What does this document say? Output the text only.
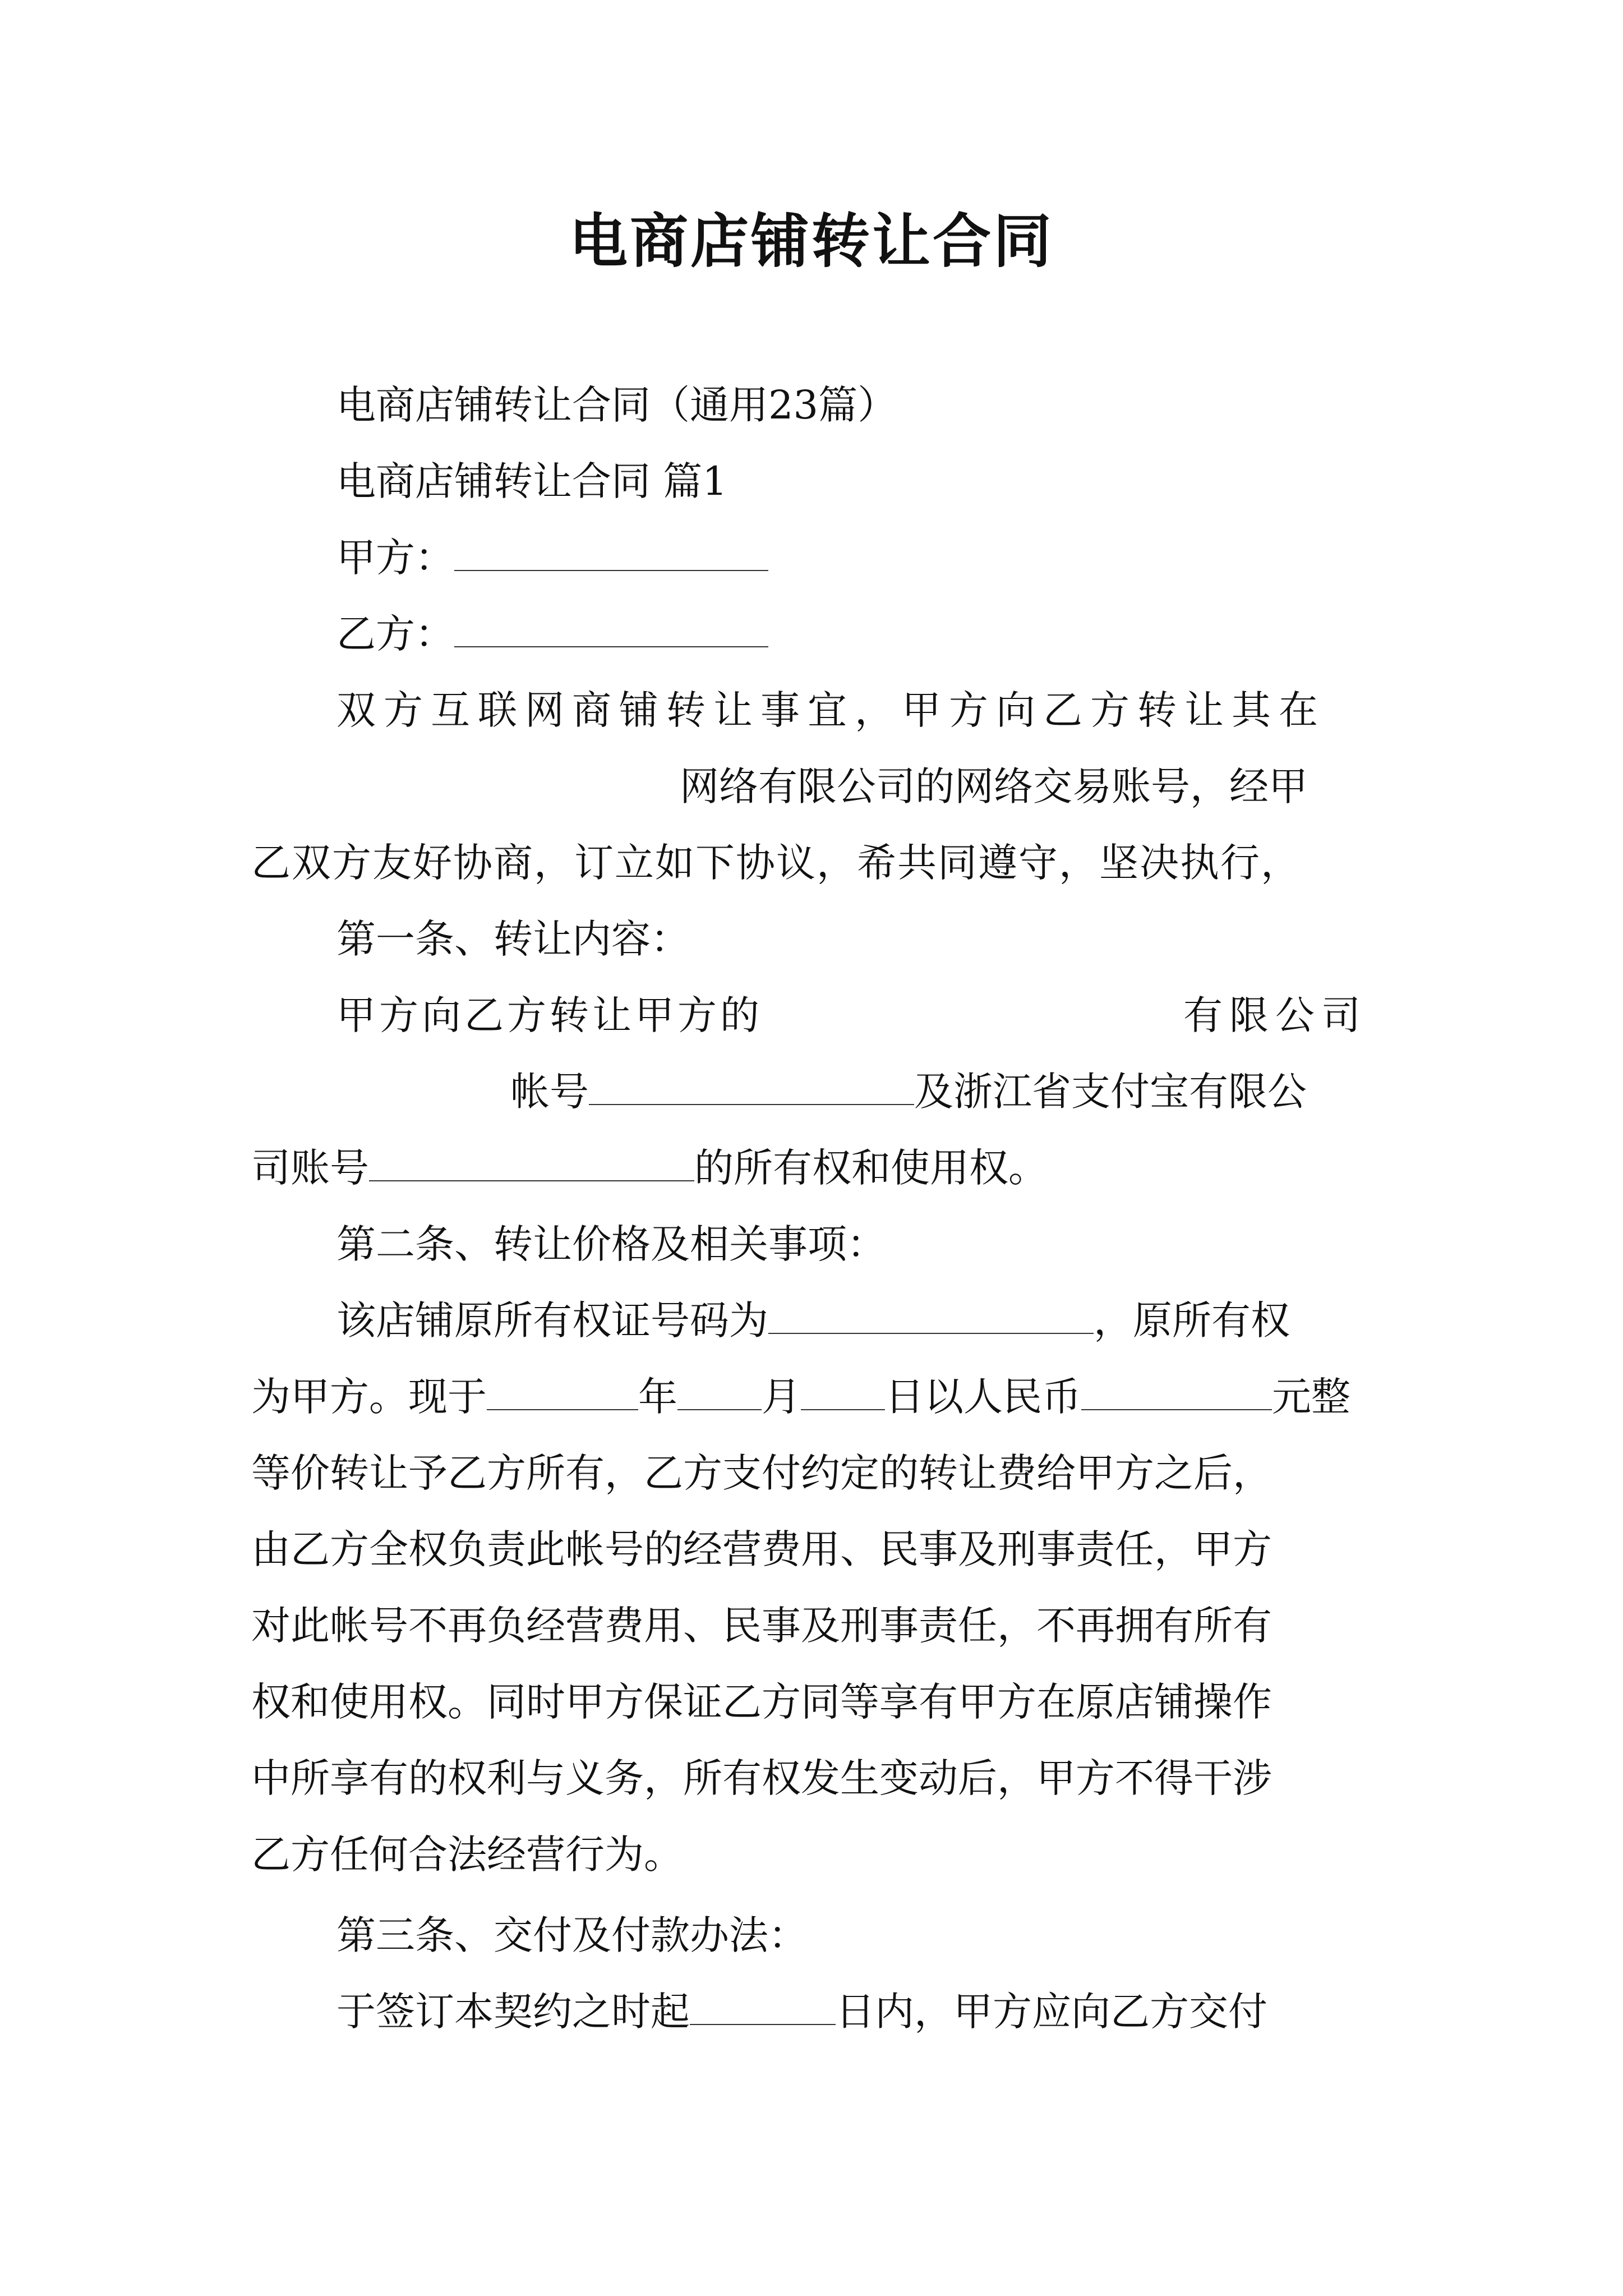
电商店铺转让合同
电商店铺转让合同（通用23篇）
电商店铺转让合同 篇1
甲方：
乙方：
双方互联网商铺转让事宜，甲方向乙方转让其在
网络有限公司的网络交易账号，经甲
乙双方友好协商，订立如下协议，希共同遵守，坚决执行，
第一条、转让内容：
甲方向乙方转让甲方的	有限公司
帐号	及浙江省支付宝有限公
司账号	的所有权和使用权。
第二条、转让价格及相关事项：
该店铺原所有权证号码为	，原所有权
为甲方。现于	年 月 日以人民币	元整
等价转让予乙方所有，乙方支付约定的转让费给甲方之后，
由乙方全权负责此帐号的经营费用、民事及刑事责任，甲方
对此帐号不再负经营费用、民事及刑事责任，不再拥有所有
权和使用权。同时甲方保证乙方同等享有甲方在原店铺操作
中所享有的权利与义务，所有权发生变动后，甲方不得干涉
乙方任何合法经营行为。
第三条、交付及付款办法：
于签订本契约之时起	日内，甲方应向乙方交付
